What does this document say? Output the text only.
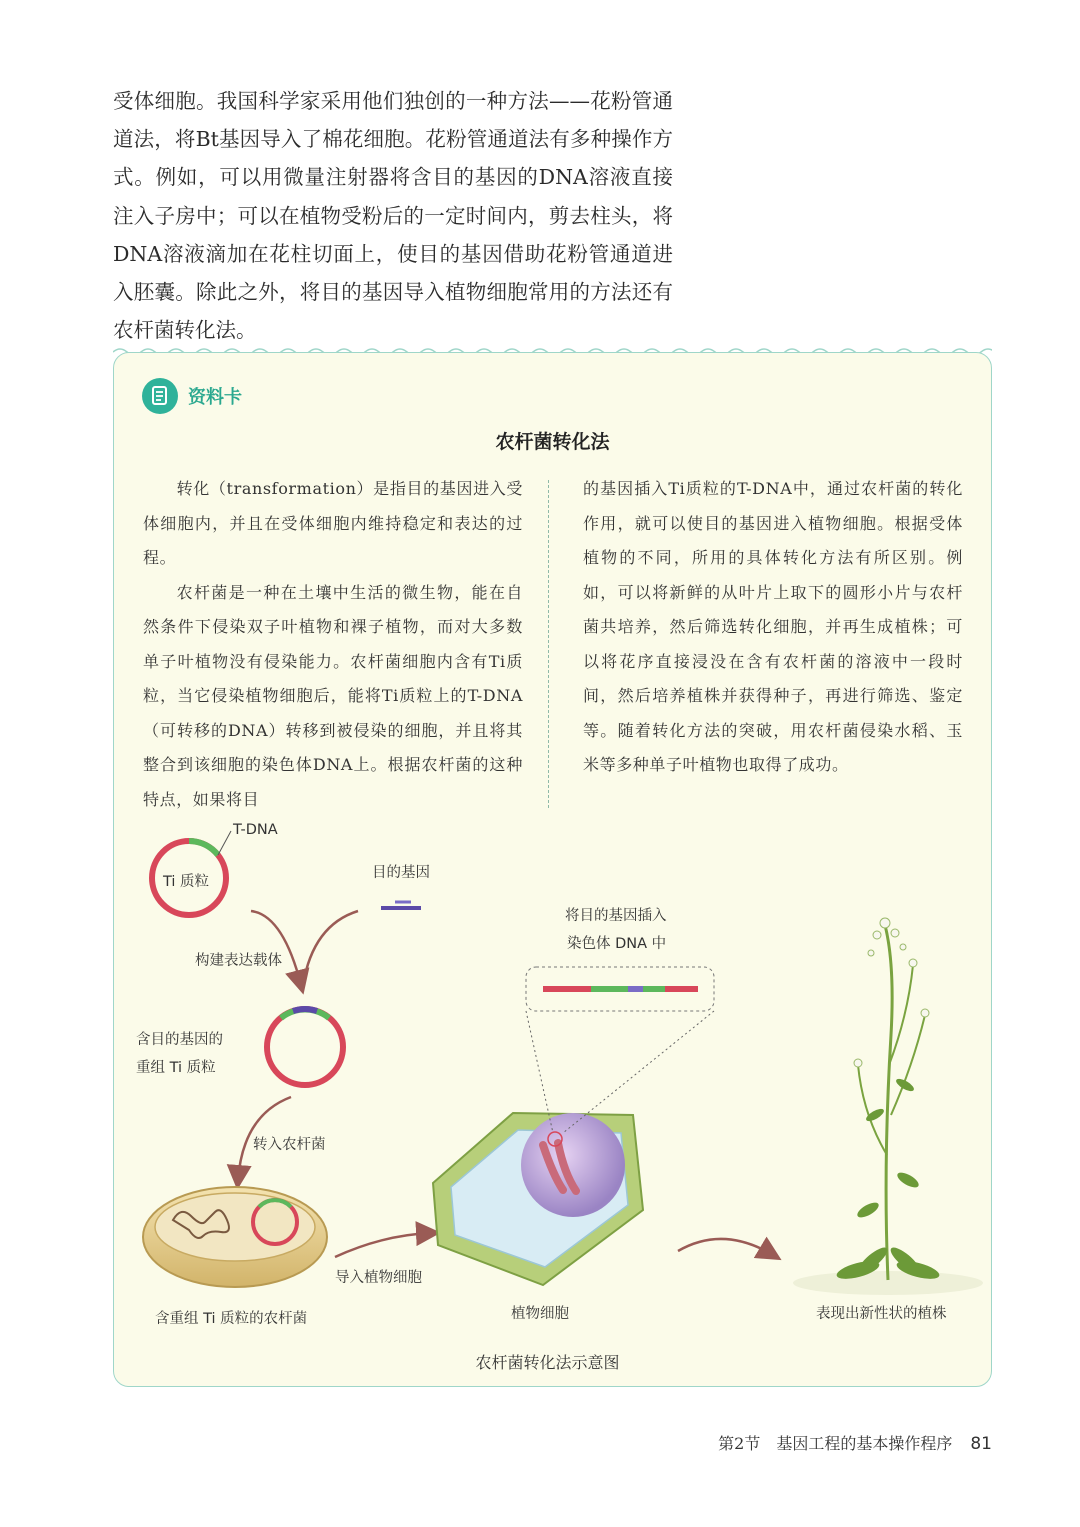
受体细胞。我国科学家采用他们独创的一种方法——花粉管通道法，将Bt基因导入了棉花细胞。花粉管通道法有多种操作方式。例如，可以用微量注射器将含目的基因的DNA溶液直接注入子房中；可以在植物受粉后的一定时间内，剪去柱头，将DNA溶液滴加在花柱切面上，使目的基因借助花粉管通道进入胚囊。除此之外，将目的基因导入植物细胞常用的方法还有农杆菌转化法。

资料卡
农杆菌转化法

转化（transformation）是指目的基因进入受体细胞内，并且在受体细胞内维持稳定和表达的过程。

农杆菌是一种在土壤中生活的微生物，能在自然条件下侵染双子叶植物和裸子植物，而对大多数单子叶植物没有侵染能力。农杆菌细胞内含有Ti质粒，当它侵染植物细胞后，能将Ti质粒上的T-DNA（可转移的DNA）转移到被侵染的细胞，并且将其整合到该细胞的染色体DNA上。根据农杆菌的这种特点，如果将目

的基因插入Ti质粒的T-DNA中，通过农杆菌的转化作用，就可以使目的基因进入植物细胞。根据受体植物的不同，所用的具体转化方法有所区别。例如，可以将新鲜的从叶片上取下的圆形小片与农杆菌共培养，然后筛选转化细胞，并再生成植株；可以将花序直接浸没在含有农杆菌的溶液中一段时间，然后培养植株并获得种子，再进行筛选、鉴定等。随着转化方法的突破，用农杆菌侵染水稻、玉米等多种单子叶植物也取得了成功。

T-DNA
Ti 质粒
目的基因
构建表达载体
含目的基因的
重组 Ti 质粒
转入农杆菌
含重组 Ti 质粒的农杆菌
导入植物细胞
植物细胞
将目的基因插入
染色体 DNA 中
表现出新性状的植株
农杆菌转化法示意图
第2节　基因工程的基本操作程序 81
